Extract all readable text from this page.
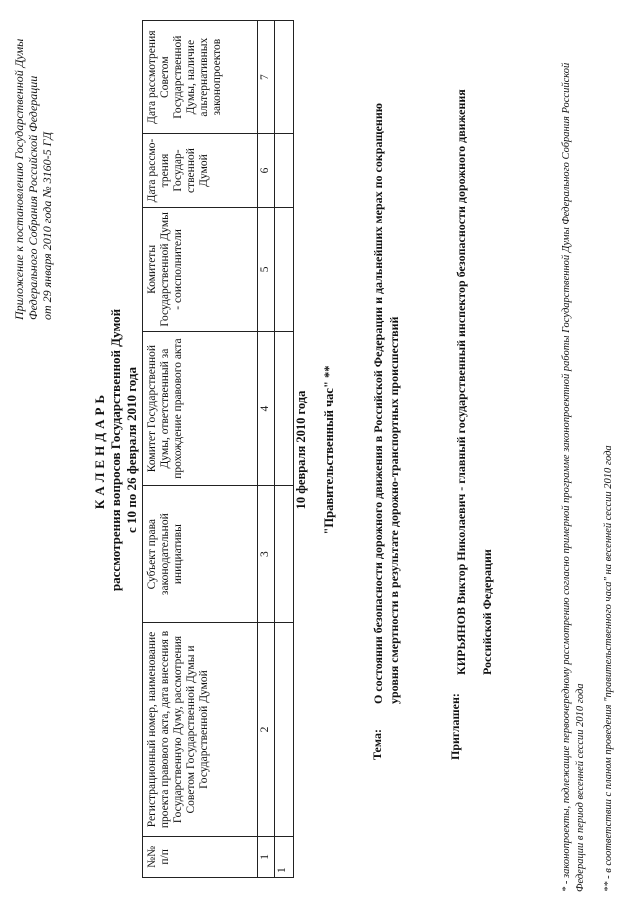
Приложение к постановлению Государственной Думы Федерального Собрания Российской Федерации от 29 января 2010 года № 3160-5 ГД
КАЛЕНДАРЬ рассмотрения вопросов Государственной Думой с 10 по 26 февраля 2010 года
№№ п/п	Регистрационный номер, наименование проекта правового акта, дата внесения в Государственную Думу, рассмотрения Советом Государственной Думы и Государственной Думой	Субъект права законодательной инициативы	Комитет Государственной Думы, ответственный за прохождение правового акта	Комитеты Государственной Думы - соисполнители	Дата рассмо-трения Государ-ственной Думой	Дата рассмотрения Советом Государственной Думы, наличие альтернативных законопроектов
1	2	3	4	5	6	7
1						
10 февраля 2010 года "Правительственный час" **
Тема:
О состоянии безопасности дорожного движения в Российской Федерации и дальнейших мерах по сокращению уровня смертности в результате дорожно-транспортных происшествий
Приглашен:
КИРЬЯНОВ Виктор Николаевич - главный государственный инспектор безопасности дорожного движения Российской Федерации	* - законопроекты, подлежащие первоочередному рассмотрению согласно примерной программе законопроектной работы Государственной Думы Федерального Собрания Российской Федерации в период весенней сессии 2010 года ** - в соответствии с планом проведения "правительственного часа" на весенней сессии 2010 года
